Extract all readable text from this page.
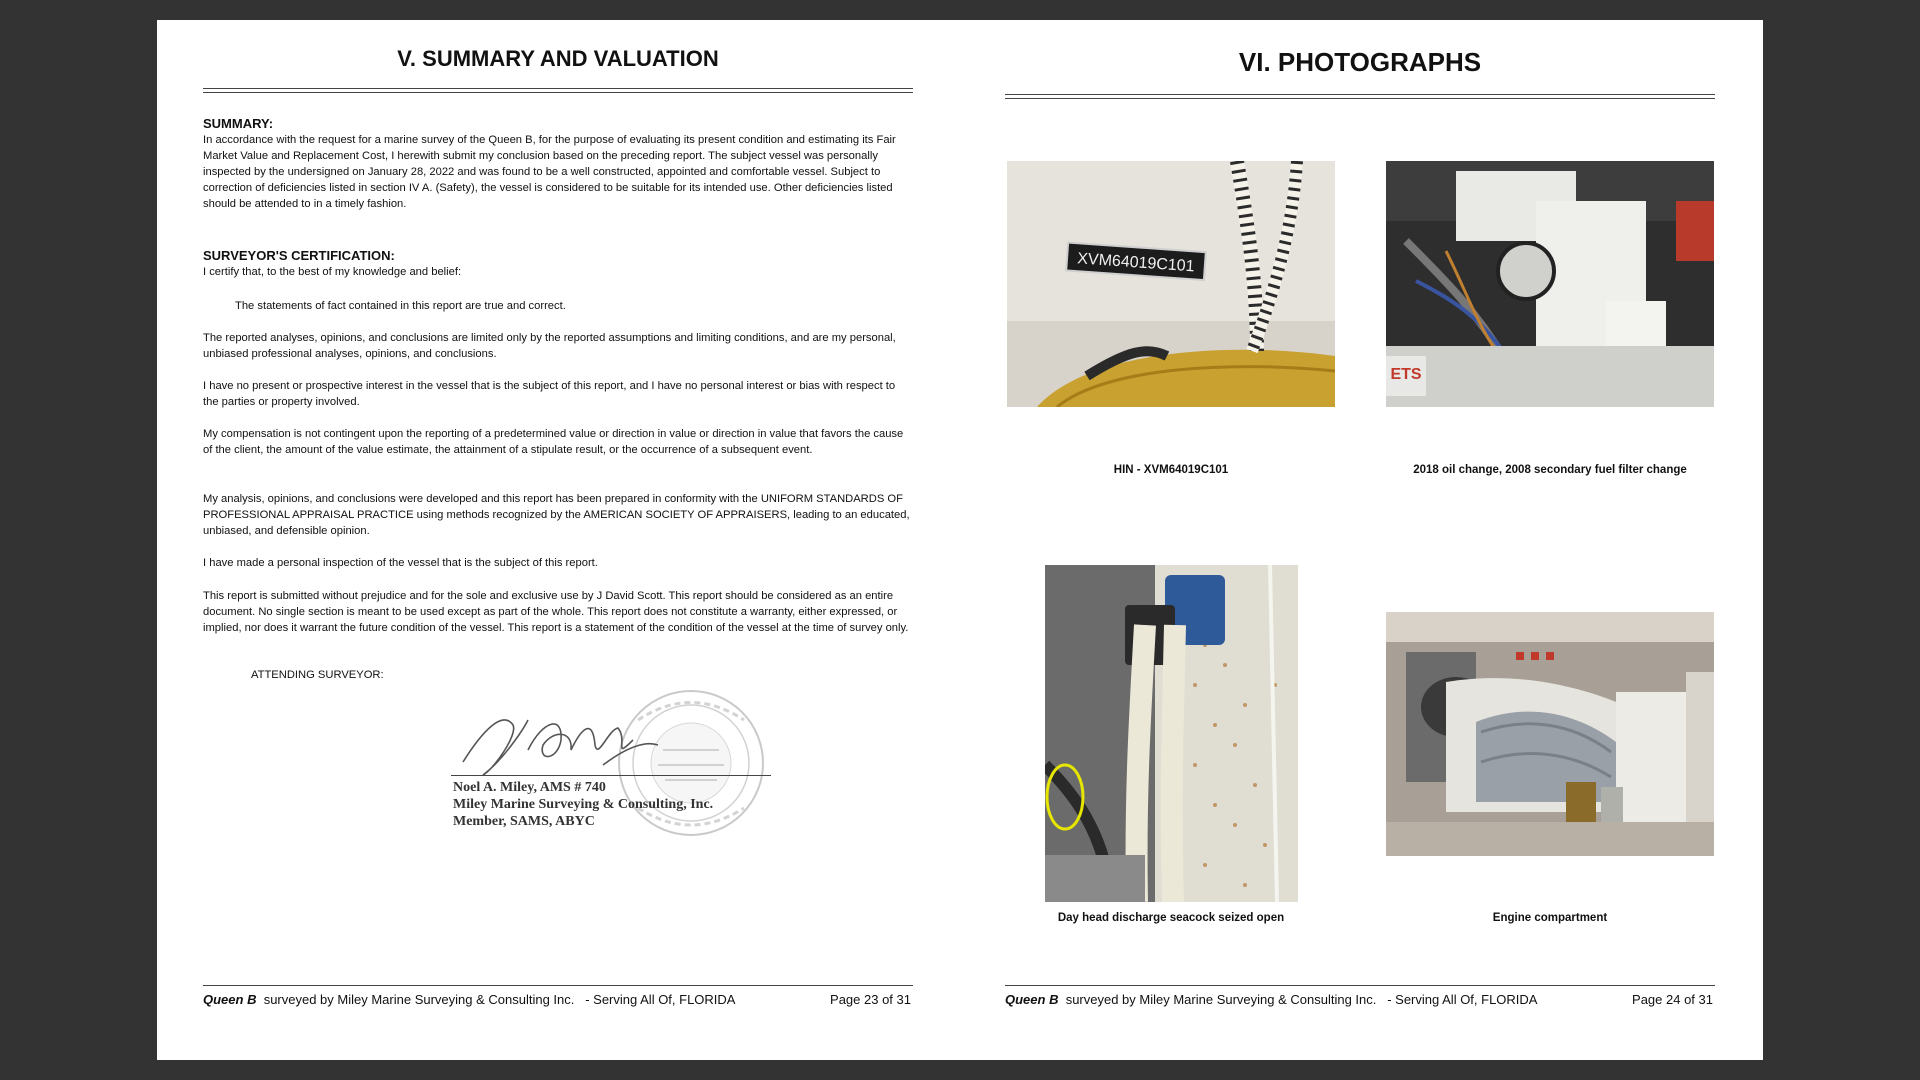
V. SUMMARY AND VALUATION
SUMMARY:

In accordance with the request for a marine survey of the Queen B, for the purpose of evaluating its present condition and estimating its Fair Market Value and Replacement Cost, I herewith submit my conclusion based on the preceding report. The subject vessel was personally inspected by the undersigned on January 28, 2022 and was found to be a well constructed, appointed and comfortable vessel. Subject to correction of deficiencies listed in section IV A. (Safety), the vessel is considered to be suitable for its intended use. Other deficiencies listed should be attended to in a timely fashion.

SURVEYOR'S CERTIFICATION:

I certify that, to the best of my knowledge and belief:

The statements of fact contained in this report are true and correct.
The reported analyses, opinions, and conclusions are limited only by the reported assumptions and limiting conditions, and are my personal, unbiased professional analyses, opinions, and conclusions.
I have no present or prospective interest in the vessel that is the subject of this report, and I have no personal interest or bias with respect to the parties or property involved.
My compensation is not contingent upon the reporting of a predetermined value or direction in value or direction in value that favors the cause of the client, the amount of the value estimate, the attainment of a stipulate result, or the occurrence of a subsequent event.
My analysis, opinions, and conclusions were developed and this report has been prepared in conformity with the UNIFORM STANDARDS OF PROFESSIONAL APPRAISAL PRACTICE using methods recognized by the AMERICAN SOCIETY OF APPRAISERS, leading to an educated, unbiased, and defensible opinion.
I have made a personal inspection of the vessel that is the subject of this report.
This report is submitted without prejudice and for the sole and exclusive use by J David Scott. This report should be considered as an entire document. No single section is meant to be used except as part of the whole. This report does not constitute a warranty, either expressed, or implied, nor does it warrant the future condition of the vessel. This report is a statement of the condition of the vessel at the time of survey only.
ATTENDING SURVEYOR:
Noel A. Miley, AMS # 740
Miley Marine Surveying & Consulting, Inc.
Member, SAMS, ABYC
Queen B  surveyed by Miley Marine Surveying & Consulting Inc.   - Serving All Of, FLORIDA	Page 23 of 31
VI. PHOTOGRAPHS
XVM64019C101
HIN - XVM64019C101
ETS
2018 oil change, 2008 secondary fuel filter change
Day head discharge seacock seized open	Engine compartment
Queen B  surveyed by Miley Marine Surveying & Consulting Inc.   - Serving All Of, FLORIDA	Page 24 of 31
